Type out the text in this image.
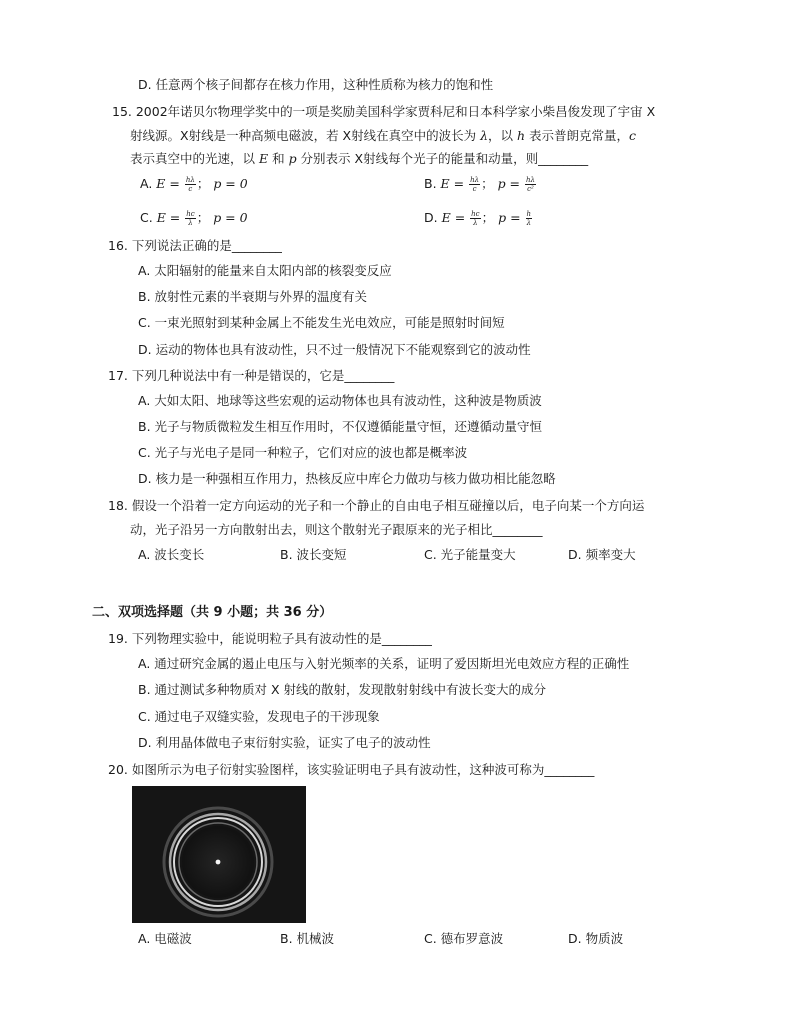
D. 任意两个核子间都存在核力作用，这种性质称为核力的饱和性
15. 2002年诺贝尔物理学奖中的一项是奖励美国科学家贾科尼和日本科学家小柴昌俊发现了宇宙 X
射线源。X射线是一种高频电磁波，若 X射线在真空中的波长为 λ，以 h 表示普朗克常量，c
表示真空中的光速，以 E 和 p 分别表示 X射线每个光子的能量和动量，则________
A. $E = \frac{h\lambda}{c}$ ； p = 0	B. $E = \frac{h\lambda}{c}$ ； $p = \frac{h\lambda}{\text{c²}}$
C. $E = \frac{hc}{\lambda}$ ； p = 0	D. $E = \frac{hc}{\lambda}$ ； $p = \frac{h}{\lambda}$
16. 下列说法正确的是________
A. 太阳辐射的能量来自太阳内部的核裂变反应
B. 放射性元素的半衰期与外界的温度有关
C. 一束光照射到某种金属上不能发生光电效应，可能是照射时间短
D. 运动的物体也具有波动性，只不过一般情况下不能观察到它的波动性
17. 下列几种说法中有一种是错误的，它是________
A. 大如太阳、地球等这些宏观的运动物体也具有波动性，这种波是物质波
B. 光子与物质微粒发生相互作用时，不仅遵循能量守恒，还遵循动量守恒
C. 光子与光电子是同一种粒子，它们对应的波也都是概率波
D. 核力是一种强相互作用力，热核反应中库仑力做功与核力做功相比能忽略
18. 假设一个沿着一定方向运动的光子和一个静止的自由电子相互碰撞以后，电子向某一个方向运
动，光子沿另一方向散射出去，则这个散射光子跟原来的光子相比________
A. 波长变长	B. 波长变短	C. 光子能量变大	D. 频率变大
二、双项选择题（共 9 小题；共 36 分）
19. 下列物理实验中，能说明粒子具有波动性的是________
A. 通过研究金属的遏止电压与入射光频率的关系，证明了爱因斯坦光电效应方程的正确性
B. 通过测试多种物质对 X 射线的散射，发现散射射线中有波长变大的成分
C. 通过电子双缝实验，发现电子的干涉现象
D. 利用晶体做电子束衍射实验，证实了电子的波动性
20. 如图所示为电子衍射实验图样，该实验证明电子具有波动性，这种波可称为________
A. 电磁波	B. 机械波	C. 德布罗意波	D. 物质波
